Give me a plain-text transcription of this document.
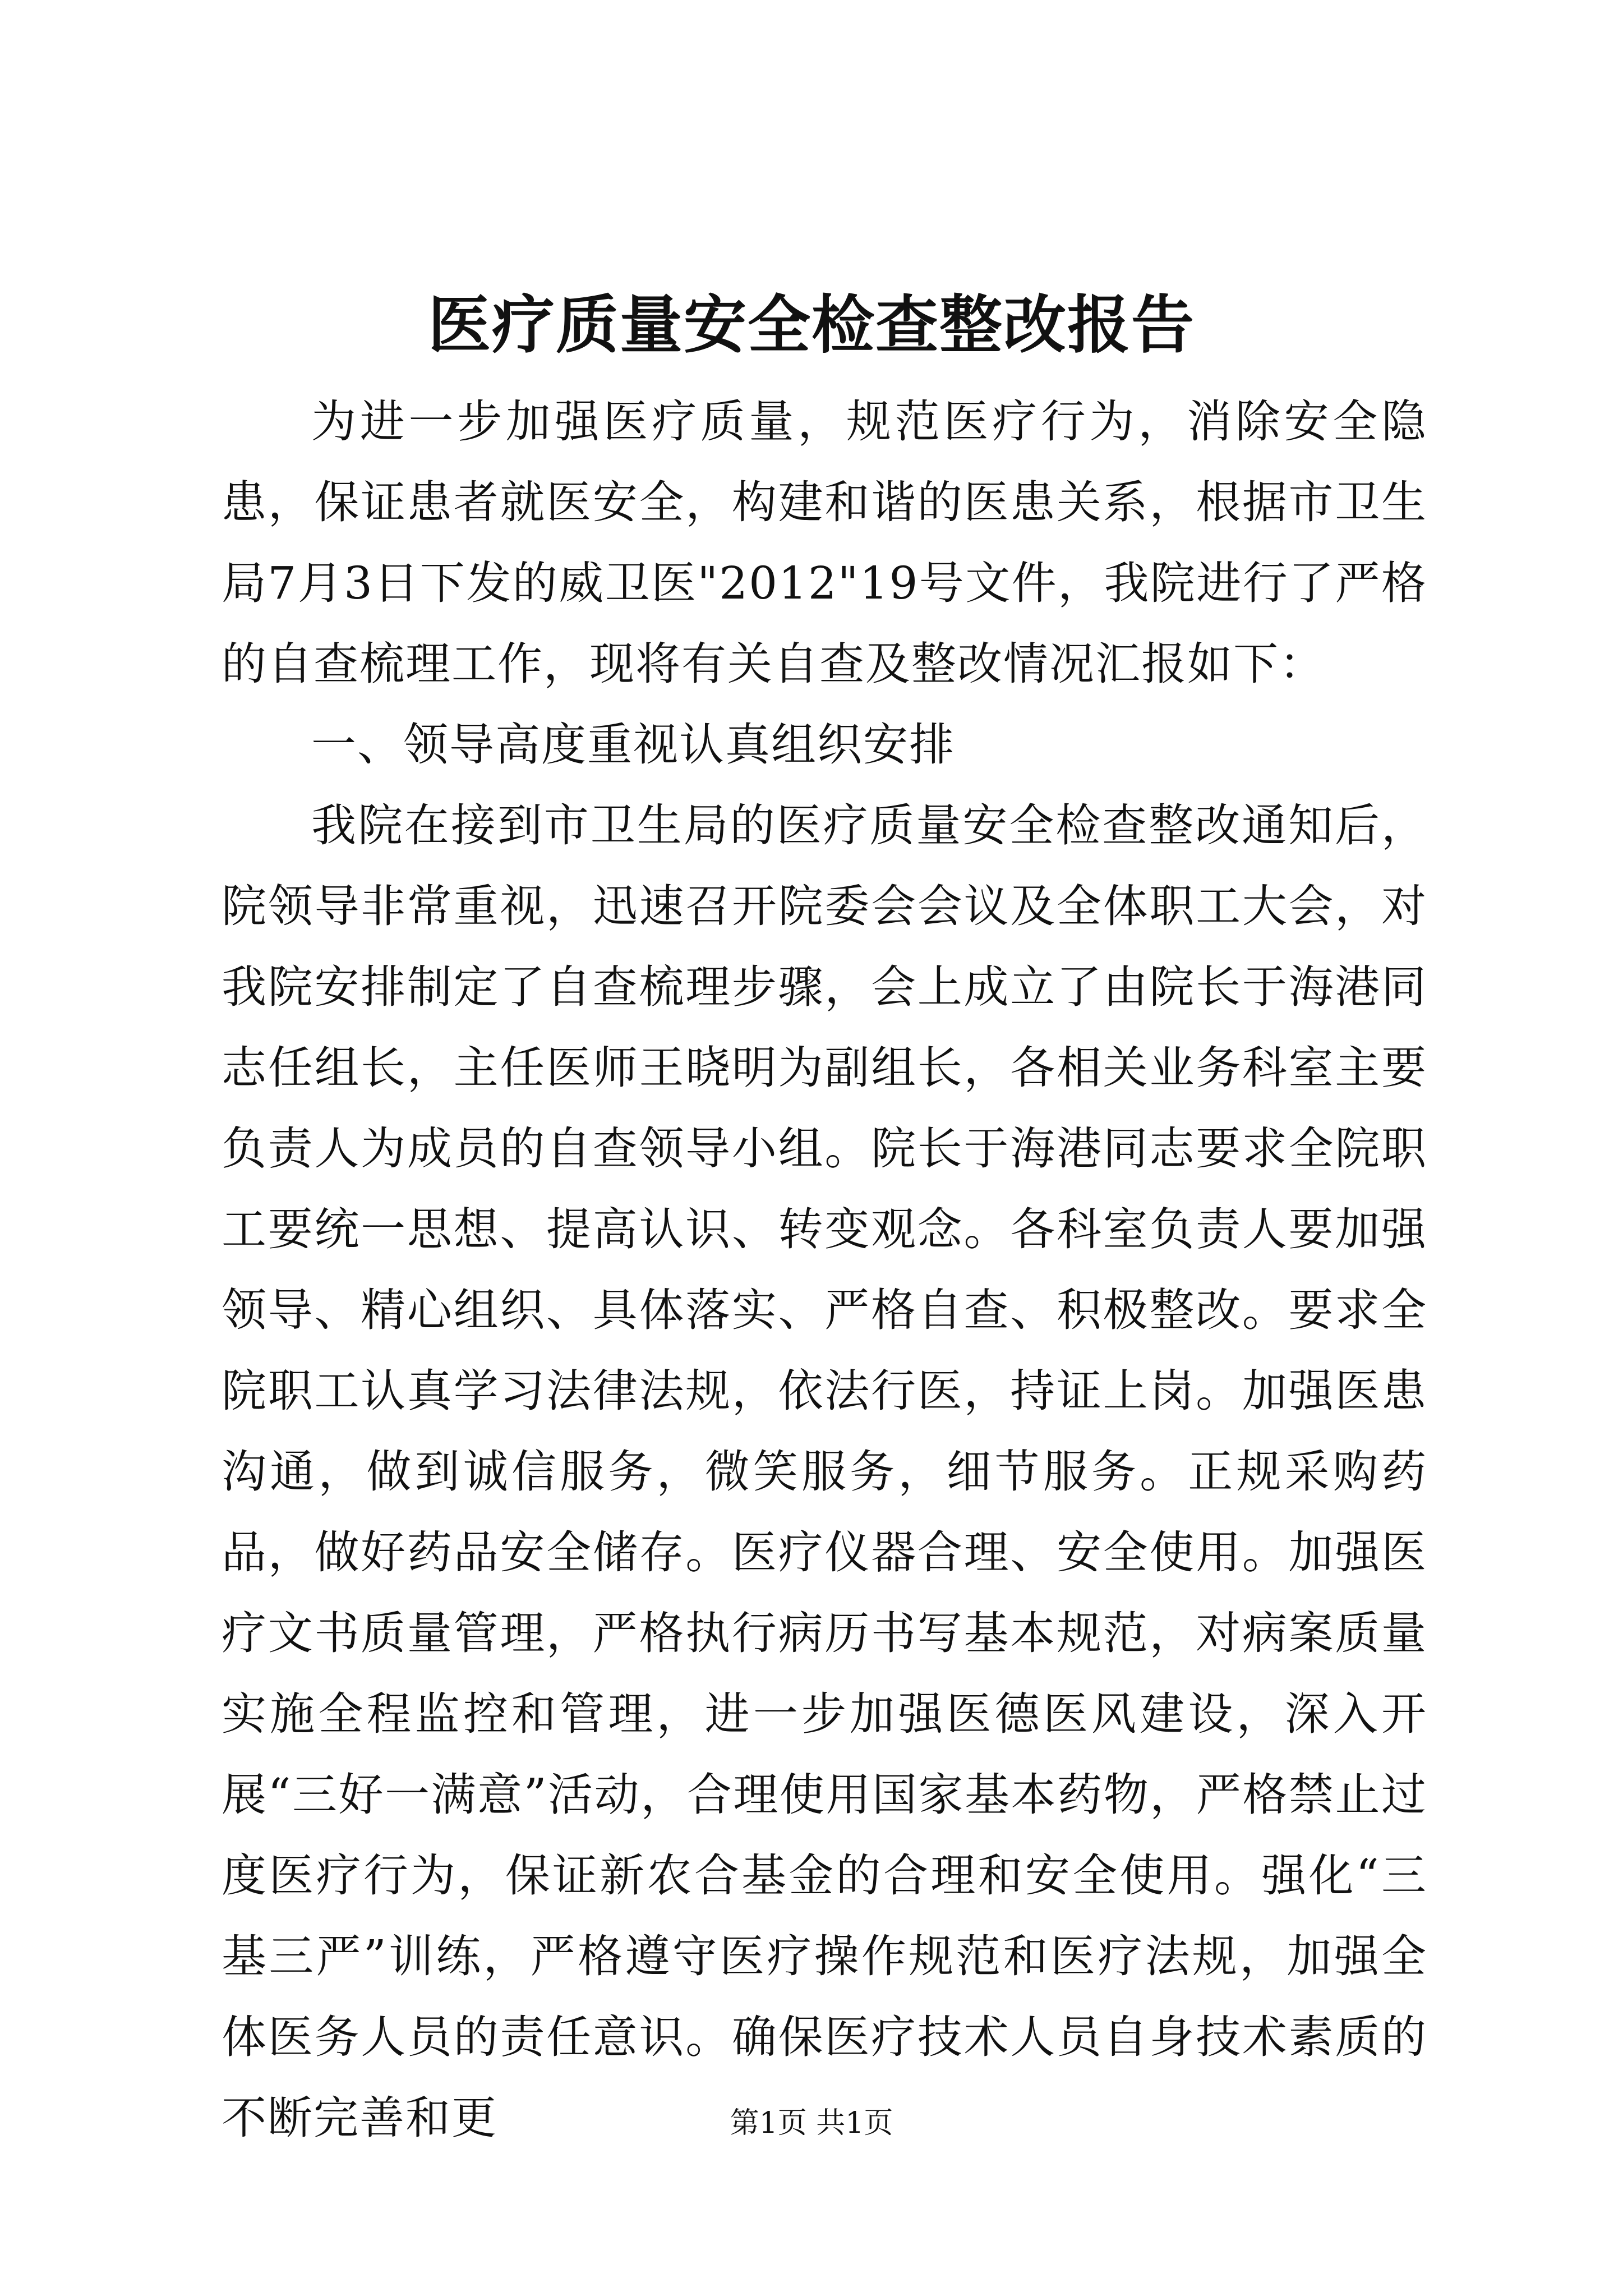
医疗质量安全检查整改报告

为进一步加强医疗质量，规范医疗行为，消除安全隐患，保证患者就医安全，构建和谐的医患关系，根据市卫生局7月3日下发的威卫医"2012"19号文件，我院进行了严格的自查梳理工作，现将有关自查及整改情况汇报如下：

一、领导高度重视认真组织安排

我院在接到市卫生局的医疗质量安全检查整改通知后，院领导非常重视，迅速召开院委会会议及全体职工大会，对我院安排制定了自查梳理步骤，会上成立了由院长于海港同志任组长，主任医师王晓明为副组长，各相关业务科室主要负责人为成员的自查领导小组。院长于海港同志要求全院职工要统一思想、提高认识、转变观念。各科室负责人要加强领导、精心组织、具体落实、严格自查、积极整改。要求全院职工认真学习法律法规，依法行医，持证上岗。加强医患沟通，做到诚信服务，微笑服务，细节服务。正规采购药品，做好药品安全储存。医疗仪器合理、安全使用。加强医疗文书质量管理，严格执行病历书写基本规范，对病案质量实施全程监控和管理，进一步加强医德医风建设，深入开展“三好一满意”活动，合理使用国家基本药物，严格禁止过度医疗行为，保证新农合基金的合理和安全使用。强化“三基三严”训练，严格遵守医疗操作规范和医疗法规，加强全体医务人员的责任意识。确保医疗技术人员自身技术素质的不断完善和更	第1页 共1页
